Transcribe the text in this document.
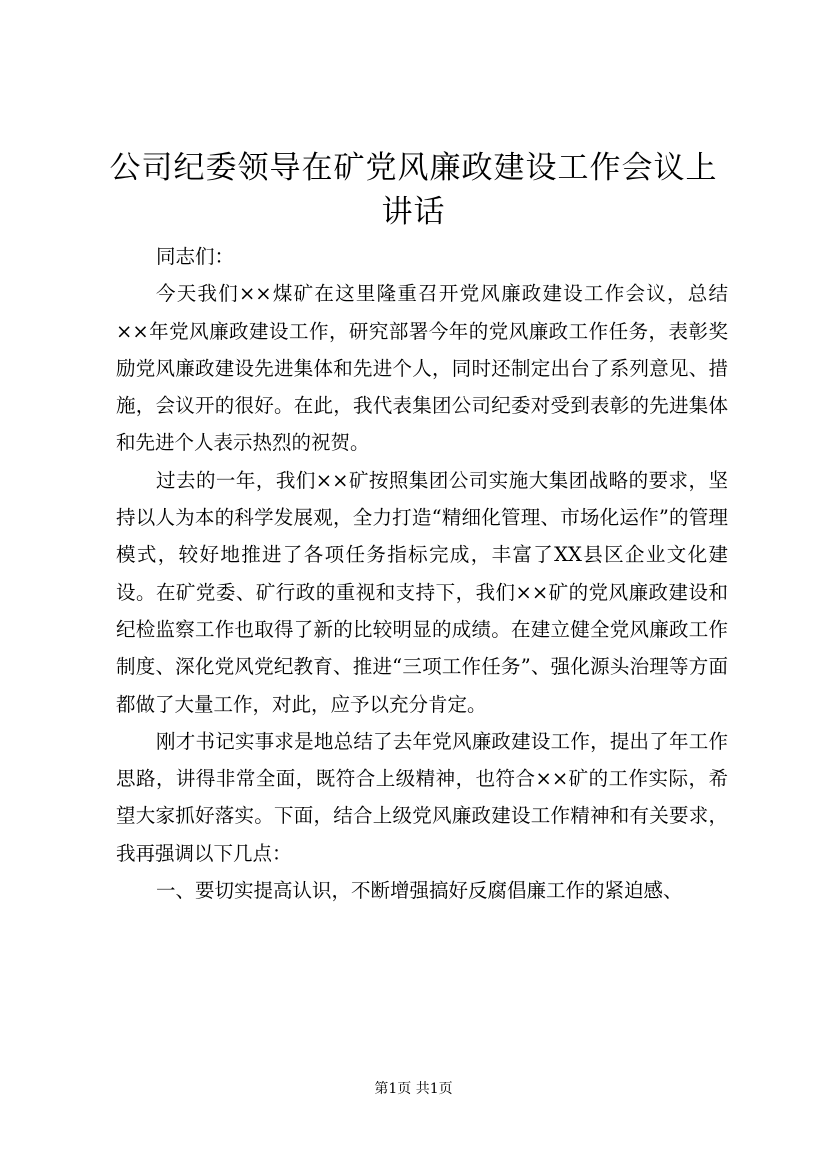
公司纪委领导在矿党风廉政建设工作会议上讲话

同志们：

今天我们××煤矿在这里隆重召开党风廉政建设工作会议，总结××年党风廉政建设工作，研究部署今年的党风廉政工作任务，表彰奖励党风廉政建设先进集体和先进个人，同时还制定出台了系列意见、措施，会议开的很好。在此，我代表集团公司纪委对受到表彰的先进集体和先进个人表示热烈的祝贺。

过去的一年，我们××矿按照集团公司实施大集团战略的要求，坚持以人为本的科学发展观，全力打造“精细化管理、市场化运作”的管理模式，较好地推进了各项任务指标完成，丰富了XX县区企业文化建设。在矿党委、矿行政的重视和支持下，我们××矿的党风廉政建设和纪检监察工作也取得了新的比较明显的成绩。在建立健全党风廉政工作制度、深化党风党纪教育、推进“三项工作任务”、强化源头治理等方面都做了大量工作，对此，应予以充分肯定。

刚才书记实事求是地总结了去年党风廉政建设工作，提出了年工作思路，讲得非常全面，既符合上级精神，也符合××矿的工作实际，希望大家抓好落实。下面，结合上级党风廉政建设工作精神和有关要求，我再强调以下几点：

一、要切实提高认识，不断增强搞好反腐倡廉工作的紧迫感、

第1页 共1页
